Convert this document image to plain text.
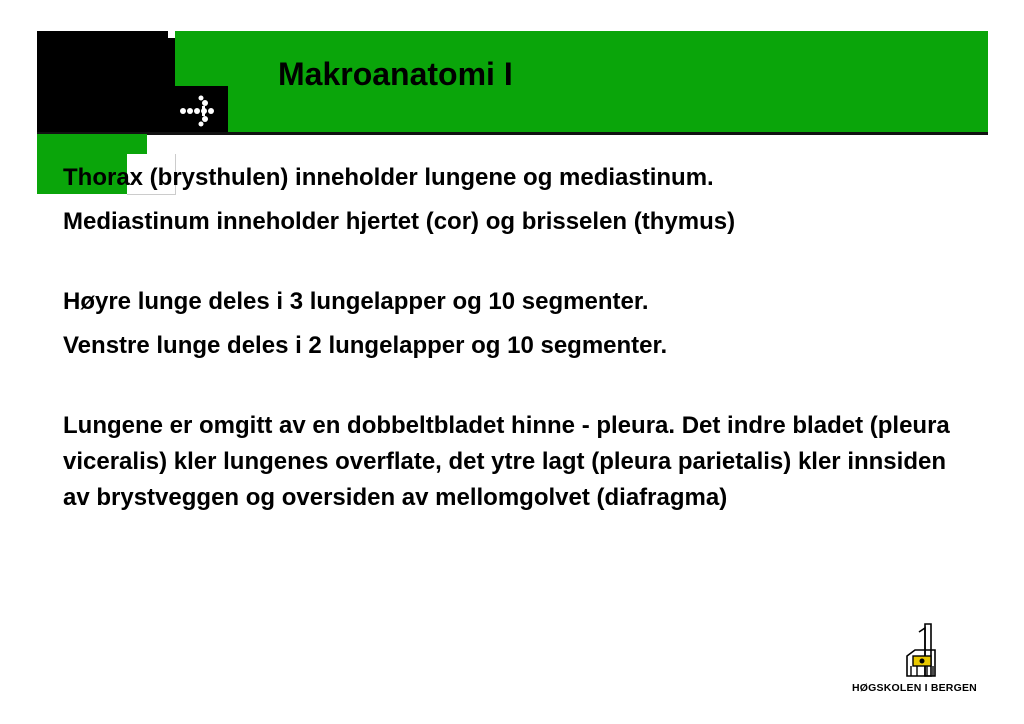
Makroanatomi I

Thorax (brysthulen) inneholder lungene og mediastinum.

Mediastinum inneholder hjertet (cor) og brisselen (thymus)

Høyre lunge deles i 3 lungelapper og 10 segmenter.

Venstre lunge deles i 2 lungelapper og 10 segmenter.

Lungene er omgitt av en dobbeltbladet hinne - pleura. Det indre bladet (pleura viceralis) kler lungenes overflate, det ytre lagt (pleura parietalis) kler innsiden av brystveggen og oversiden av mellomgolvet (diafragma)

HØGSKOLEN I BERGEN
